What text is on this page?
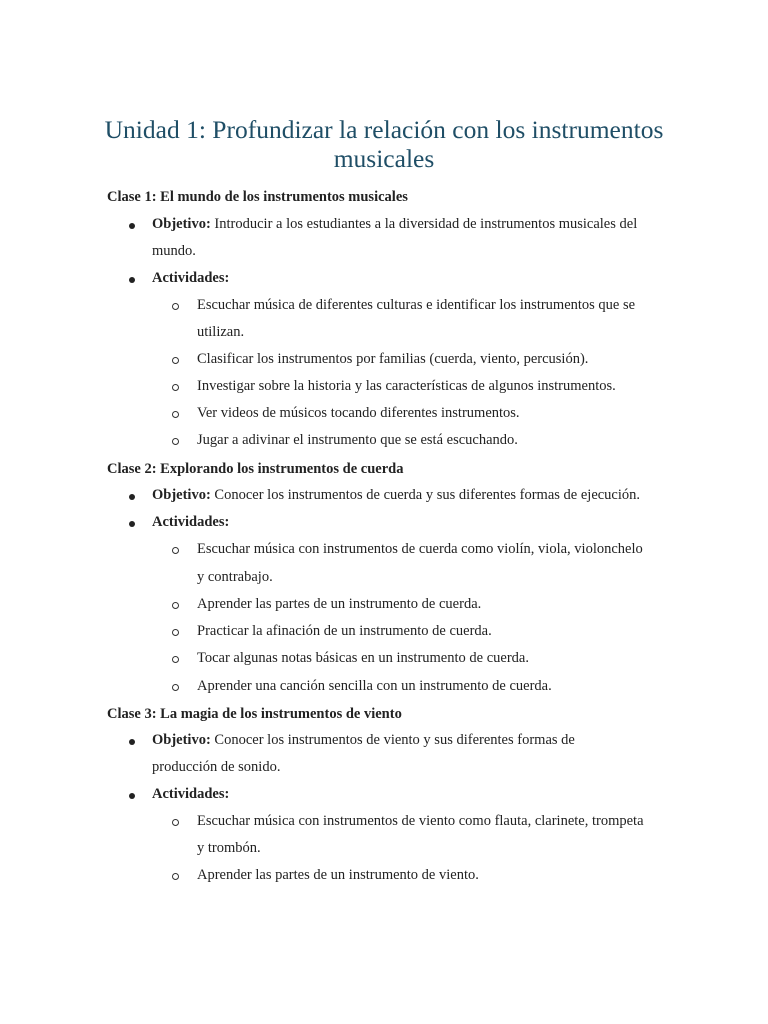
Unidad 1: Profundizar la relación con los instrumentos
musicales

Clase 1: El mundo de los instrumentos musicales

Objetivo: Introducir a los estudiantes a la diversidad de instrumentos musicales del

mundo.

Actividades:

Escuchar música de diferentes culturas e identificar los instrumentos que se

utilizan.

Clasificar los instrumentos por familias (cuerda, viento, percusión).

Investigar sobre la historia y las características de algunos instrumentos.

Ver videos de músicos tocando diferentes instrumentos.

Jugar a adivinar el instrumento que se está escuchando.

Clase 2: Explorando los instrumentos de cuerda

Objetivo: Conocer los instrumentos de cuerda y sus diferentes formas de ejecución.

Actividades:

Escuchar música con instrumentos de cuerda como violín, viola, violonchelo

y contrabajo.

Aprender las partes de un instrumento de cuerda.

Practicar la afinación de un instrumento de cuerda.

Tocar algunas notas básicas en un instrumento de cuerda.

Aprender una canción sencilla con un instrumento de cuerda.

Clase 3: La magia de los instrumentos de viento

Objetivo: Conocer los instrumentos de viento y sus diferentes formas de

producción de sonido.

Actividades:

Escuchar música con instrumentos de viento como flauta, clarinete, trompeta

y trombón.

Aprender las partes de un instrumento de viento.
